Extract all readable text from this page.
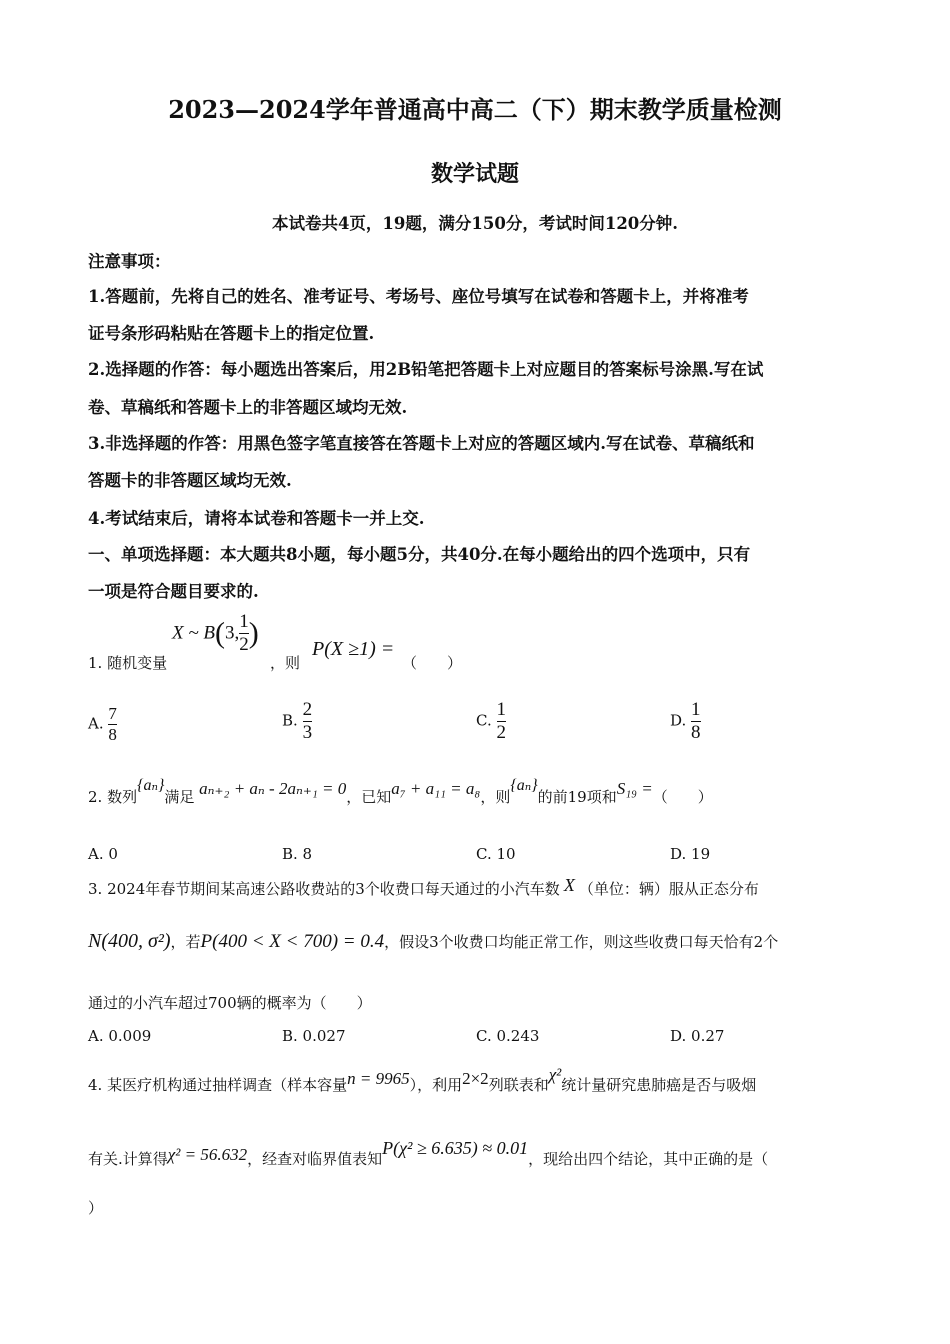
2023—2024学年普通高中高二（下）期末教学质量检测
数学试题
本试卷共4页，19题，满分150分，考试时间120分钟.
注意事项：
1.答题前，先将自己的姓名、准考证号、考场号、座位号填写在试卷和答题卡上，并将准考
证号条形码粘贴在答题卡上的指定位置.
2.选择题的作答：每小题选出答案后，用2B铅笔把答题卡上对应题目的答案标号涂黑.写在试
卷、草稿纸和答题卡上的非答题区域均无效.
3.非选择题的作答：用黑色签字笔直接答在答题卡上对应的答题区域内.写在试卷、草稿纸和
答题卡的非答题区域均无效.
4.考试结束后，请将本试卷和答题卡一并上交.
一、单项选择题：本大题共8小题，每小题5分，共40分.在每小题给出的四个选项中，只有
一项是符合题目要求的.
1. 随机变量
X ~ B(3, $\frac{1}{2}$ )
，则
P(X ≥1) =
（　　）
A. $\frac{7}{8}$	B. $\frac{2}{3}$	C. $\frac{1}{2}$	D. $\frac{1}{8}$
2. 数列{aₙ}满足 aₙ₊₂ + aₙ - 2aₙ₊₁ = 0，已知a₇ + a₁₁ = a₈，则{aₙ}的前19项和S₁₉ =（　　）
A. 0	B. 8	C. 10	D. 19
3. 2024年春节期间某高速公路收费站的3个收费口每天通过的小汽车数 X （单位：辆）服从正态分布
N(400, σ²)，若P(400 < X < 700) = 0.4，假设3个收费口均能正常工作，则这些收费口每天恰有2个
通过的小汽车超过700辆的概率为（　　）
A. 0.009	B. 0.027	C. 0.243	D. 0.27
4. 某医疗机构通过抽样调查（样本容量n = 9965），利用2×2列联表和χ²统计量研究患肺癌是否与吸烟
有关.计算得χ² = 56.632，经查对临界值表知P(χ² ≥ 6.635) ≈ 0.01，现给出四个结论，其中正确的是（
）
